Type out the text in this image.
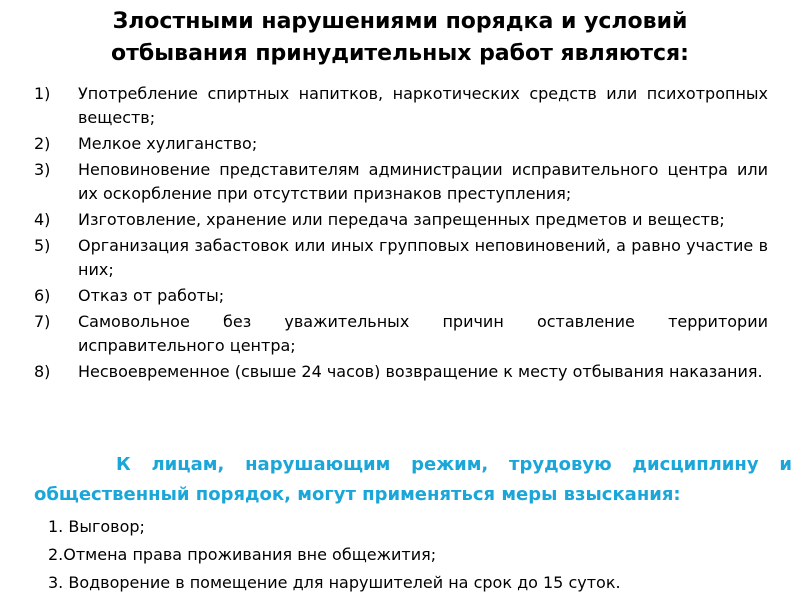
Злостными нарушениями порядка и условий
отбывания принудительных работ являются:
1)	Употребление спиртных напитков, наркотических средств или психотропных веществ;
2)	Мелкое хулиганство;
3)	Неповиновение представителям администрации исправительного центра или их оскорбление при отсутствии признаков преступления;
4)	Изготовление, хранение или передача запрещенных предметов и веществ;
5)	Организация забастовок или иных групповых неповиновений, а равно участие в них;
6)	Отказ от работы;
7)	Самовольное без уважительных причин оставление территории исправительного центра;
8)	Несвоевременное (свыше 24 часов) возвращение к месту отбывания наказания.

К лицам, нарушающим режим, трудовую дисциплину и общественный порядок, могут применяться меры взыскания:

1. Выговор;
2.Отмена права проживания вне общежития;
3. Водворение в помещение для нарушителей на срок до 15 суток.
